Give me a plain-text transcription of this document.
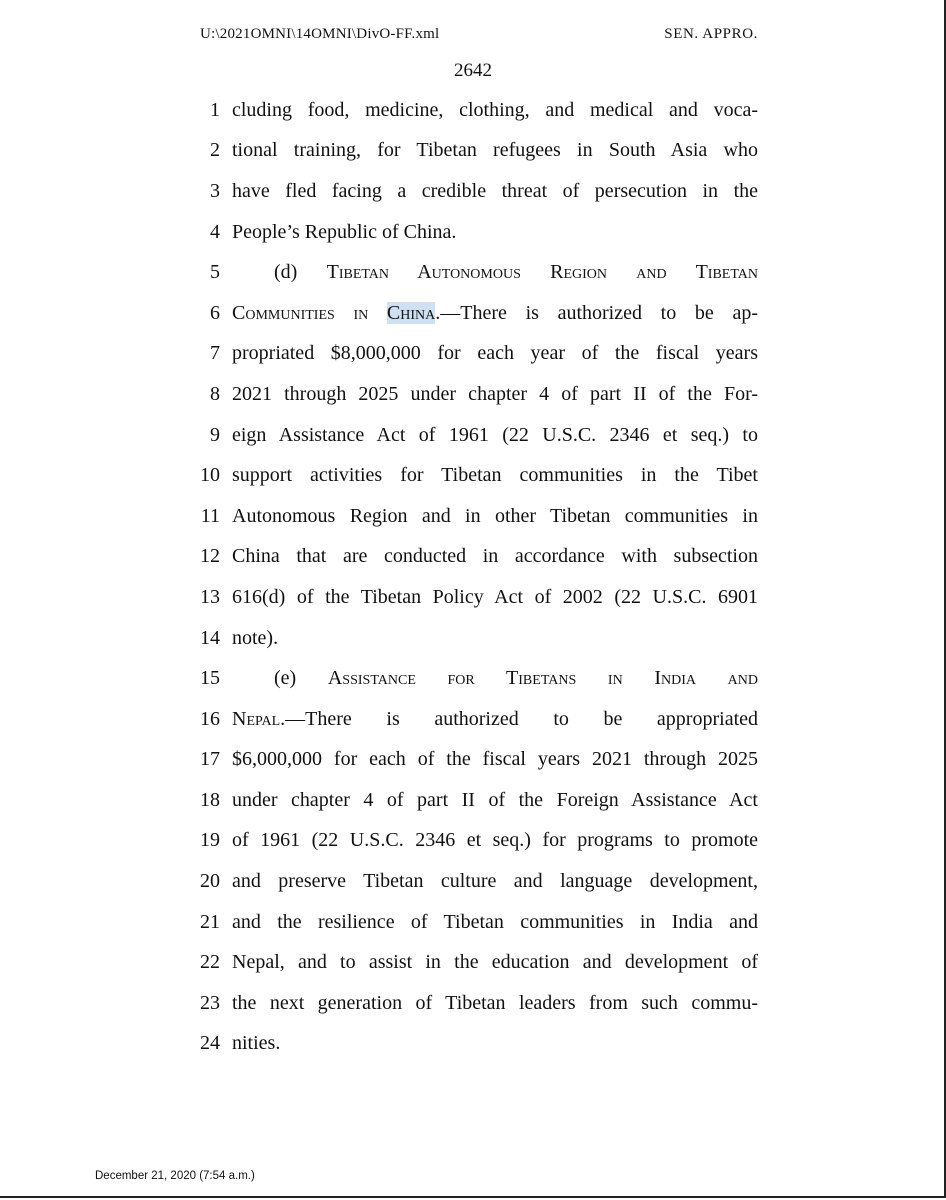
U:\2021OMNI\14OMNI\DivO-FF.xml	SEN. APPRO.
2642
1 cluding food, medicine, clothing, and medical and voca-
2 tional training, for Tibetan refugees in South Asia who
3 have fled facing a credible threat of persecution in the
4 People’s Republic of China.
5	(d) Tibetan Autonomous Region and Tibetan
6 Communities in China.—There is authorized to be ap-
7 propriated $8,000,000 for each year of the fiscal years
8 2021 through 2025 under chapter 4 of part II of the For-
9 eign Assistance Act of 1961 (22 U.S.C. 2346 et seq.) to
10 support activities for Tibetan communities in the Tibet
11 Autonomous Region and in other Tibetan communities in
12 China that are conducted in accordance with subsection
13 616(d) of the Tibetan Policy Act of 2002 (22 U.S.C. 6901
14 note).
15	(e) Assistance for Tibetans in India and
16 Nepal.—There is authorized to be appropriated
17 $6,000,000 for each of the fiscal years 2021 through 2025
18 under chapter 4 of part II of the Foreign Assistance Act
19 of 1961 (22 U.S.C. 2346 et seq.) for programs to promote
20 and preserve Tibetan culture and language development,
21 and the resilience of Tibetan communities in India and
22 Nepal, and to assist in the education and development of
23 the next generation of Tibetan leaders from such commu-
24 nities.
December 21, 2020 (7:54 a.m.)
